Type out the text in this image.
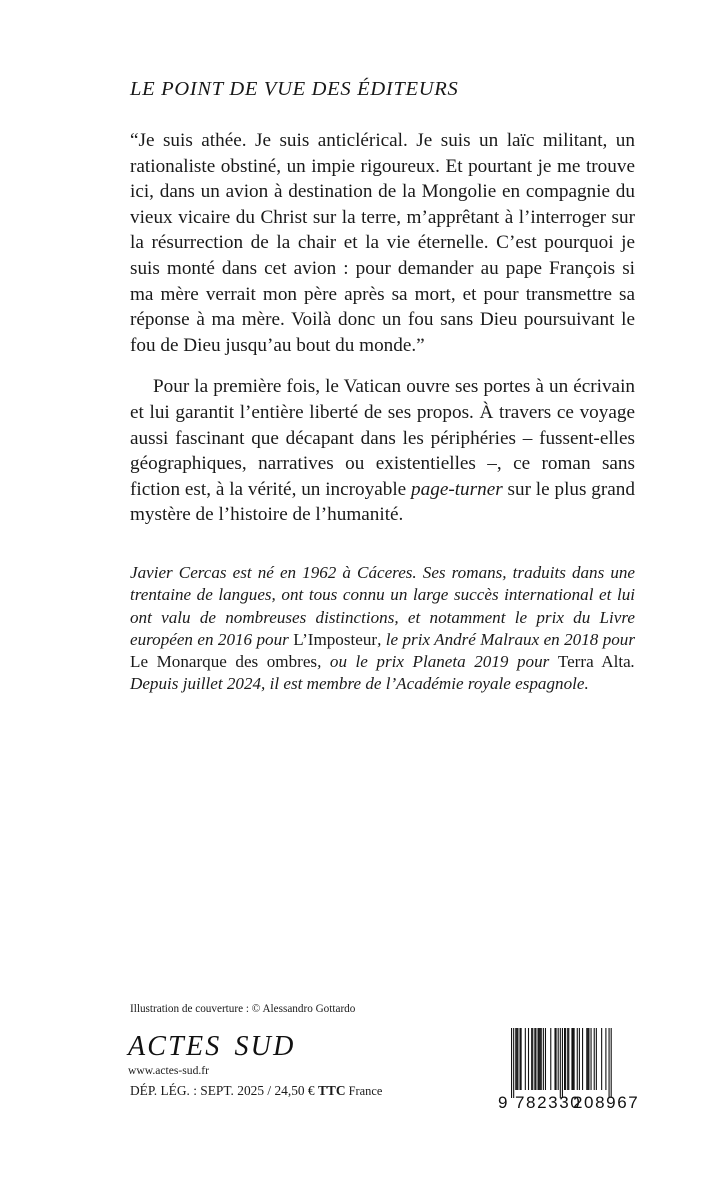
LE POINT DE VUE DES ÉDITEURS

“Je suis athée. Je suis anticlérical. Je suis un laïc militant, un rationaliste obstiné, un impie rigoureux. Et pourtant je me trouve ici, dans un avion à destination de la Mongolie en compagnie du vieux vicaire du Christ sur la terre, m’apprêtant à l’interroger sur la résurrection de la chair et la vie éternelle. C’est pourquoi je suis monté dans cet avion : pour demander au pape François si ma mère verrait mon père après sa mort, et pour transmettre sa réponse à ma mère. Voilà donc un fou sans Dieu poursuivant le fou de Dieu jusqu’au bout du monde.”

Pour la première fois, le Vatican ouvre ses portes à un écrivain et lui garantit l’entière liberté de ses propos. À travers ce voyage aussi fascinant que décapant dans les périphéries – fussent-elles géographiques, narratives ou existentielles –, ce roman sans fiction est, à la vérité, un incroyable page-turner sur le plus grand mystère de l’histoire de l’humanité.

Javier Cercas est né en 1962 à Cáceres. Ses romans, traduits dans une trentaine de langues, ont tous connu un large succès international et lui ont valu de nombreuses distinctions, et notamment le prix du Livre européen en 2016 pour L’Imposteur, le prix André Malraux en 2018 pour Le Monarque des ombres, ou le prix Planeta 2019 pour Terra Alta. Depuis juillet 2024, il est membre de l’Académie royale espagnole.

Illustration de couverture : © Alessandro Gottardo
ACTES SUD
www.actes-sud.fr
DÉP. LÉG. : SEPT. 2025 / 24,50 € TTC France
9 782330
208967
